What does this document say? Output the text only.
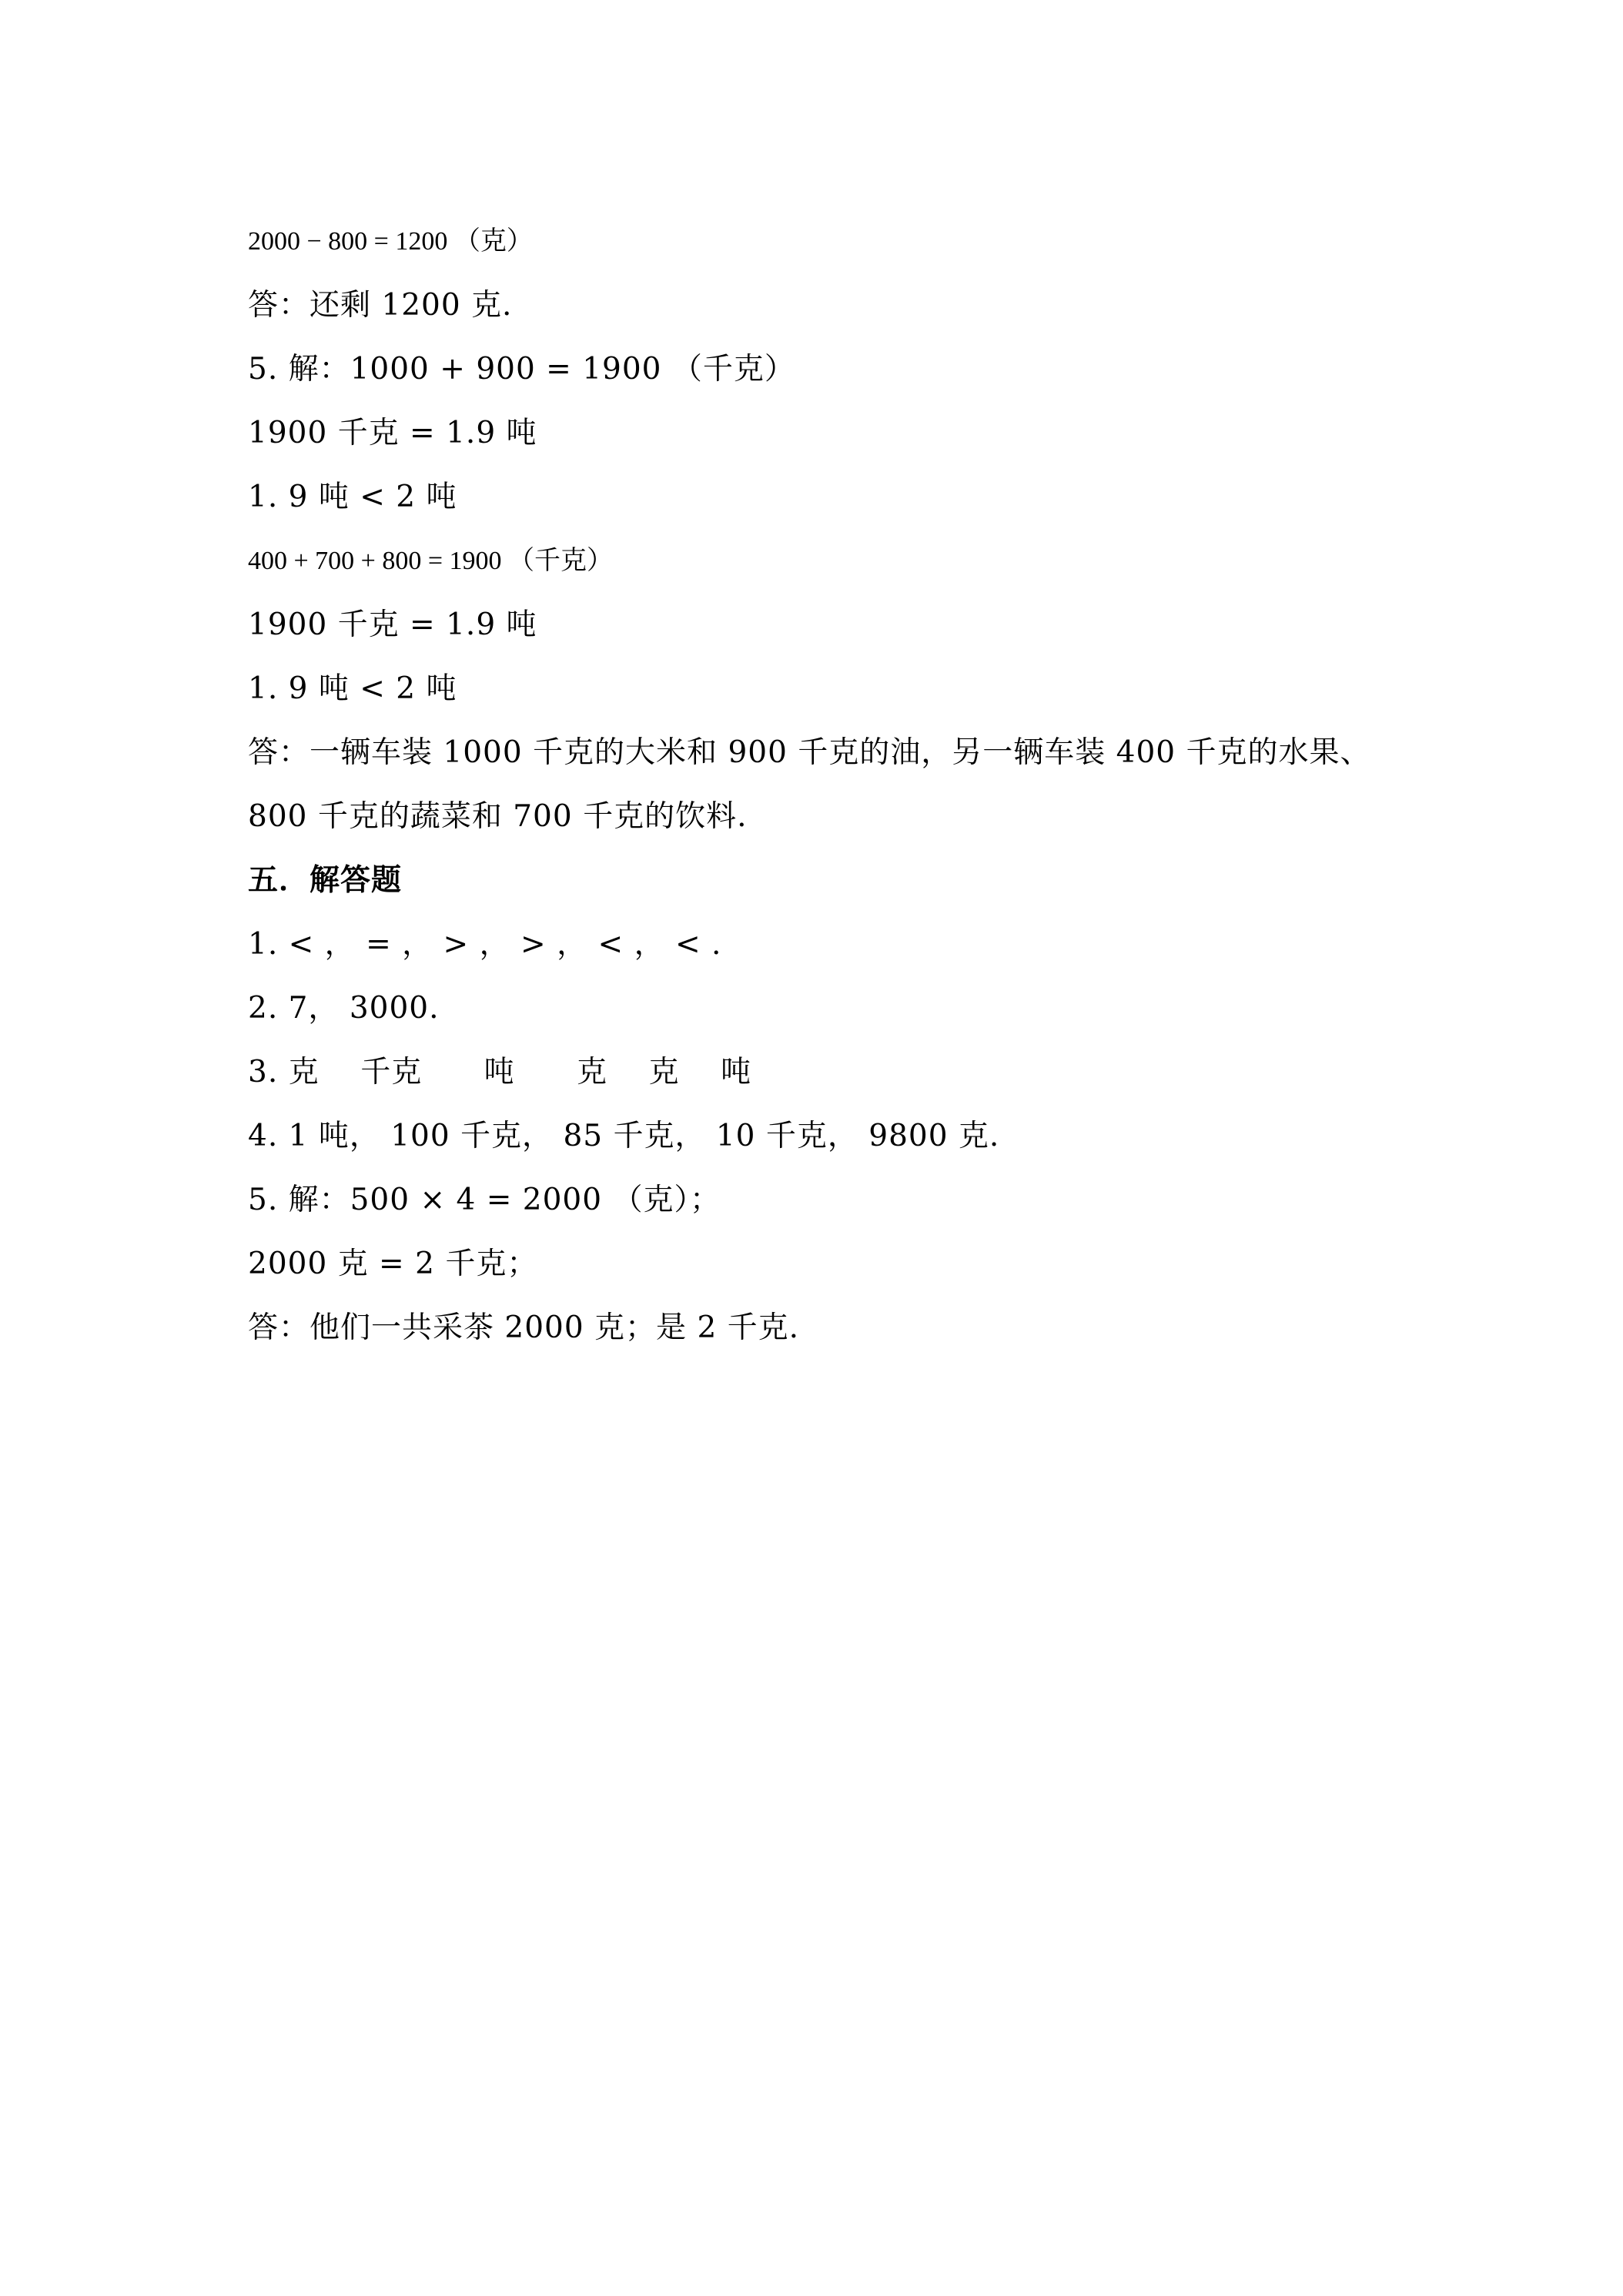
2000 − 800 = 1200 （克）
答：还剩 1200 克.
5. 解：1000 + 900 = 1900 （千克）
1900 千克 = 1.9 吨
1. 9 吨 < 2 吨
400 + 700 + 800 = 1900 （千克）
1900 千克 = 1.9 吨
1. 9 吨 < 2 吨
答：一辆车装 1000 千克的大米和 900 千克的油，另一辆车装 400 千克的水果、
800 千克的蔬菜和 700 千克的饮料.
五．解答题
1. < ， = ， > ， > ， < ， < .
2. 7， 3000.
3. 克    千克      吨      克    克    吨
4. 1 吨， 100 千克， 85 千克， 10 千克， 9800 克.
5. 解：500 × 4 = 2000 （克）；
2000 克 = 2 千克；
答：他们一共采茶 2000 克；是 2 千克.
